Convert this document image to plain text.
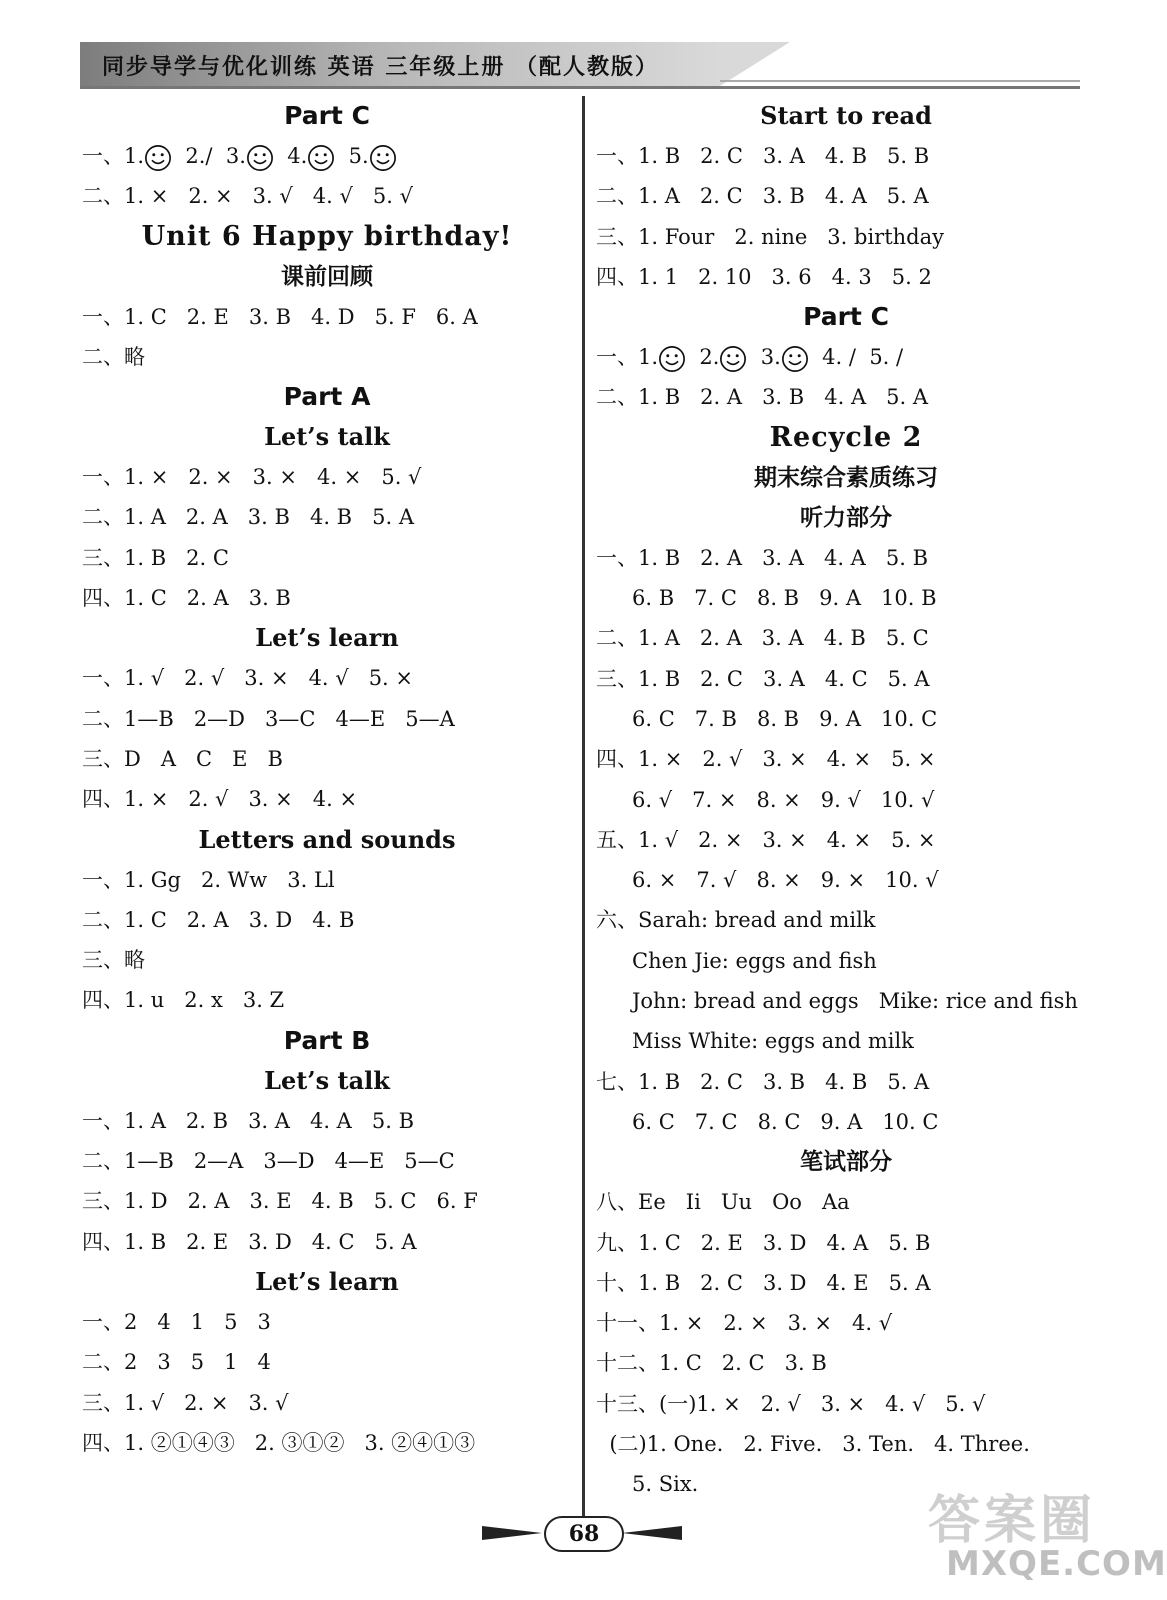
同步导学与优化训练 英语 三年级上册 （配人教版）
Part C
一、1.  2./  3.  4.  5.
二、1. ×   2. ×   3. √   4. √   5. √
Unit 6 Happy birthday!
课前回顾
一、1. C   2. E   3. B   4. D   5. F   6. A
二、略
Part A
Let’s talk
一、1. ×   2. ×   3. ×   4. ×   5. √
二、1. A   2. A   3. B   4. B   5. A
三、1. B   2. C
四、1. C   2. A   3. B
Let’s learn
一、1. √   2. √   3. ×   4. √   5. ×
二、1—B   2—D   3—C   4—E   5—A
三、D   A   C   E   B
四、1. ×   2. √   3. ×   4. ×
Letters and sounds
一、1. Gg   2. Ww   3. Ll
二、1. C   2. A   3. D   4. B
三、略
四、1. u   2. x   3. Z
Part B
Let’s talk
一、1. A   2. B   3. A   4. A   5. B
二、1—B   2—A   3—D   4—E   5—C
三、1. D   2. A   3. E   4. B   5. C   6. F
四、1. B   2. E   3. D   4. C   5. A
Let’s learn
一、2   4   1   5   3
二、2   3   5   1   4
三、1. √   2. ×   3. √
四、1. ②①④③   2. ③①②   3. ②④①③
Start to read
一、1. B   2. C   3. A   4. B   5. B
二、1. A   2. C   3. B   4. A   5. A
三、1. Four   2. nine   3. birthday
四、1. 1   2. 10   3. 6   4. 3   5. 2
Part C
一、1.  2.  3.  4. /  5. /
二、1. B   2. A   3. B   4. A   5. A
Recycle 2
期末综合素质练习
听力部分
一、1. B   2. A   3. A   4. A   5. B
6. B   7. C   8. B   9. A   10. B
二、1. A   2. A   3. A   4. B   5. C
三、1. B   2. C   3. A   4. C   5. A
6. C   7. B   8. B   9. A   10. C
四、1. ×   2. √   3. ×   4. ×   5. ×
6. √   7. ×   8. ×   9. √   10. √
五、1. √   2. ×   3. ×   4. ×   5. ×
6. ×   7. √   8. ×   9. ×   10. √
六、Sarah: bread and milk
Chen Jie: eggs and fish
John: bread and eggs   Mike: rice and fish
Miss White: eggs and milk
七、1. B   2. C   3. B   4. B   5. A
6. C   7. C   8. C   9. A   10. C
笔试部分
八、Ee   Ii   Uu   Oo   Aa
九、1. C   2. E   3. D   4. A   5. B
十、1. B   2. C   3. D   4. E   5. A
十一、1. ×   2. ×   3. ×   4. √
十二、1. C   2. C   3. B
十三、(一)1. ×   2. √   3. ×   4. √   5. √
(二)1. One.   2. Five.   3. Ten.   4. Three.
5. Six.
68	答案圈
MXQE.COM
